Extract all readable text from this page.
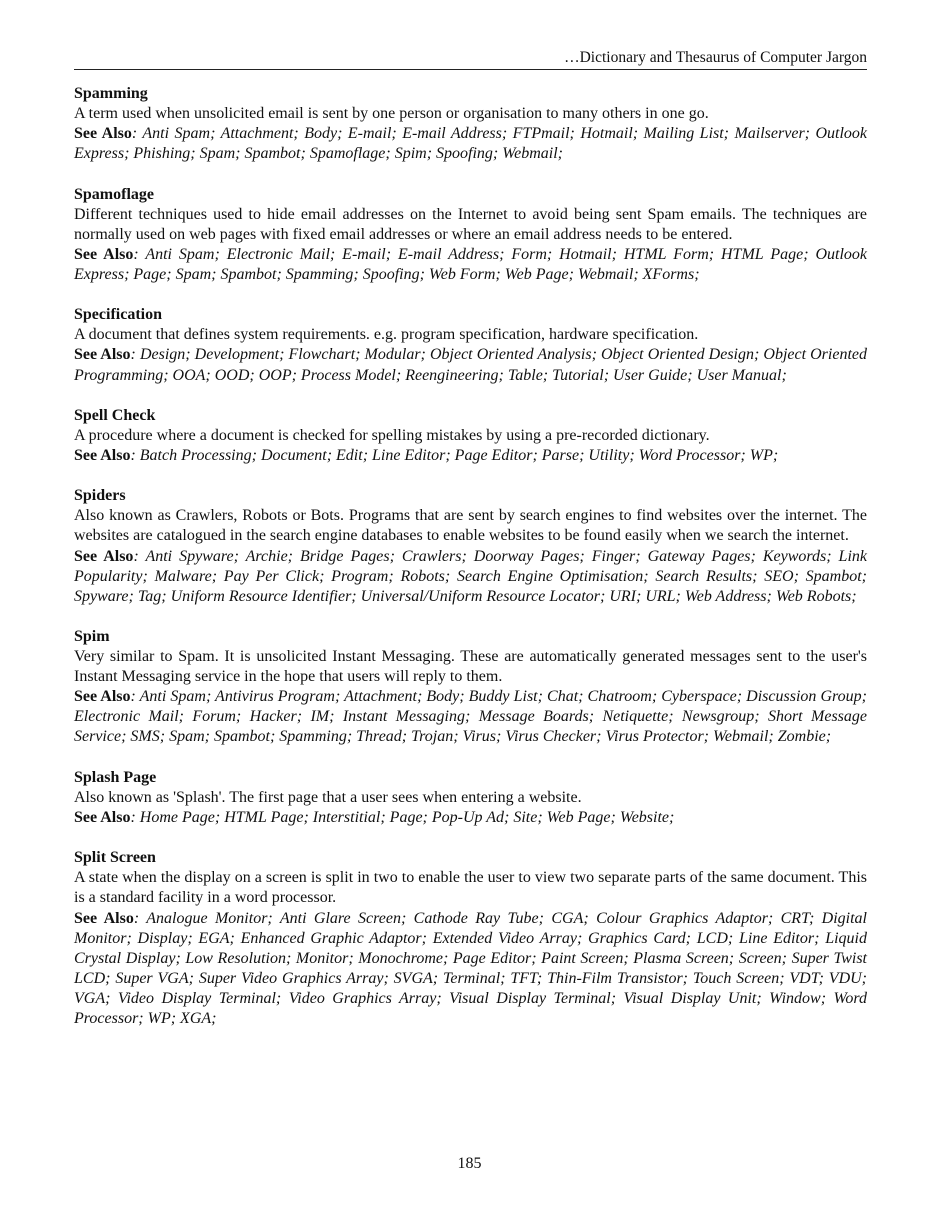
…Dictionary and Thesaurus of Computer Jargon
Spamming
A term used when unsolicited email is sent by one person or organisation to many others in one go.
See Also: Anti Spam; Attachment; Body; E-mail; E-mail Address; FTPmail; Hotmail; Mailing List; Mailserver; Outlook Express; Phishing; Spam; Spambot; Spamoflage; Spim; Spoofing; Webmail;
Spamoflage
Different techniques used to hide email addresses on the Internet to avoid being sent Spam emails. The techniques are normally used on web pages with fixed email addresses or where an email address needs to be entered.
See Also: Anti Spam; Electronic Mail; E-mail; E-mail Address; Form; Hotmail; HTML Form; HTML Page; Outlook Express; Page; Spam; Spambot; Spamming; Spoofing; Web Form; Web Page; Webmail; XForms;
Specification
A document that defines system requirements. e.g. program specification, hardware specification.
See Also: Design; Development; Flowchart; Modular; Object Oriented Analysis; Object Oriented Design; Object Oriented Programming; OOA; OOD; OOP; Process Model; Reengineering; Table; Tutorial; User Guide; User Manual;
Spell Check
A procedure where a document is checked for spelling mistakes by using a pre-recorded dictionary.
See Also: Batch Processing; Document; Edit; Line Editor; Page Editor; Parse; Utility; Word Processor; WP;
Spiders
Also known as Crawlers, Robots or Bots. Programs that are sent by search engines to find websites over the internet. The websites are catalogued in the search engine databases to enable websites to be found easily when we search the internet.
See Also: Anti Spyware; Archie; Bridge Pages; Crawlers; Doorway Pages; Finger; Gateway Pages; Keywords; Link Popularity; Malware; Pay Per Click; Program; Robots; Search Engine Optimisation; Search Results; SEO; Spambot; Spyware; Tag; Uniform Resource Identifier; Universal/Uniform Resource Locator; URI; URL; Web Address; Web Robots;
Spim
Very similar to Spam. It is unsolicited Instant Messaging. These are automatically generated messages sent to the user's Instant Messaging service in the hope that users will reply to them.
See Also: Anti Spam; Antivirus Program; Attachment; Body; Buddy List; Chat; Chatroom; Cyberspace; Discussion Group; Electronic Mail; Forum; Hacker; IM; Instant Messaging; Message Boards; Netiquette; Newsgroup; Short Message Service; SMS; Spam; Spambot; Spamming; Thread; Trojan; Virus; Virus Checker; Virus Protector; Webmail; Zombie;
Splash Page
Also known as 'Splash'. The first page that a user sees when entering a website.
See Also: Home Page; HTML Page; Interstitial; Page; Pop-Up Ad; Site; Web Page; Website;
Split Screen
A state when the display on a screen is split in two to enable the user to view two separate parts of the same document. This is a standard facility in a word processor.
See Also: Analogue Monitor; Anti Glare Screen; Cathode Ray Tube; CGA; Colour Graphics Adaptor; CRT; Digital Monitor; Display; EGA; Enhanced Graphic Adaptor; Extended Video Array; Graphics Card; LCD; Line Editor; Liquid Crystal Display; Low Resolution; Monitor; Monochrome; Page Editor; Paint Screen; Plasma Screen; Screen; Super Twist LCD; Super VGA; Super Video Graphics Array; SVGA; Terminal; TFT; Thin-Film Transistor; Touch Screen; VDT; VDU; VGA; Video Display Terminal; Video Graphics Array; Visual Display Terminal; Visual Display Unit; Window; Word Processor; WP; XGA;
185
